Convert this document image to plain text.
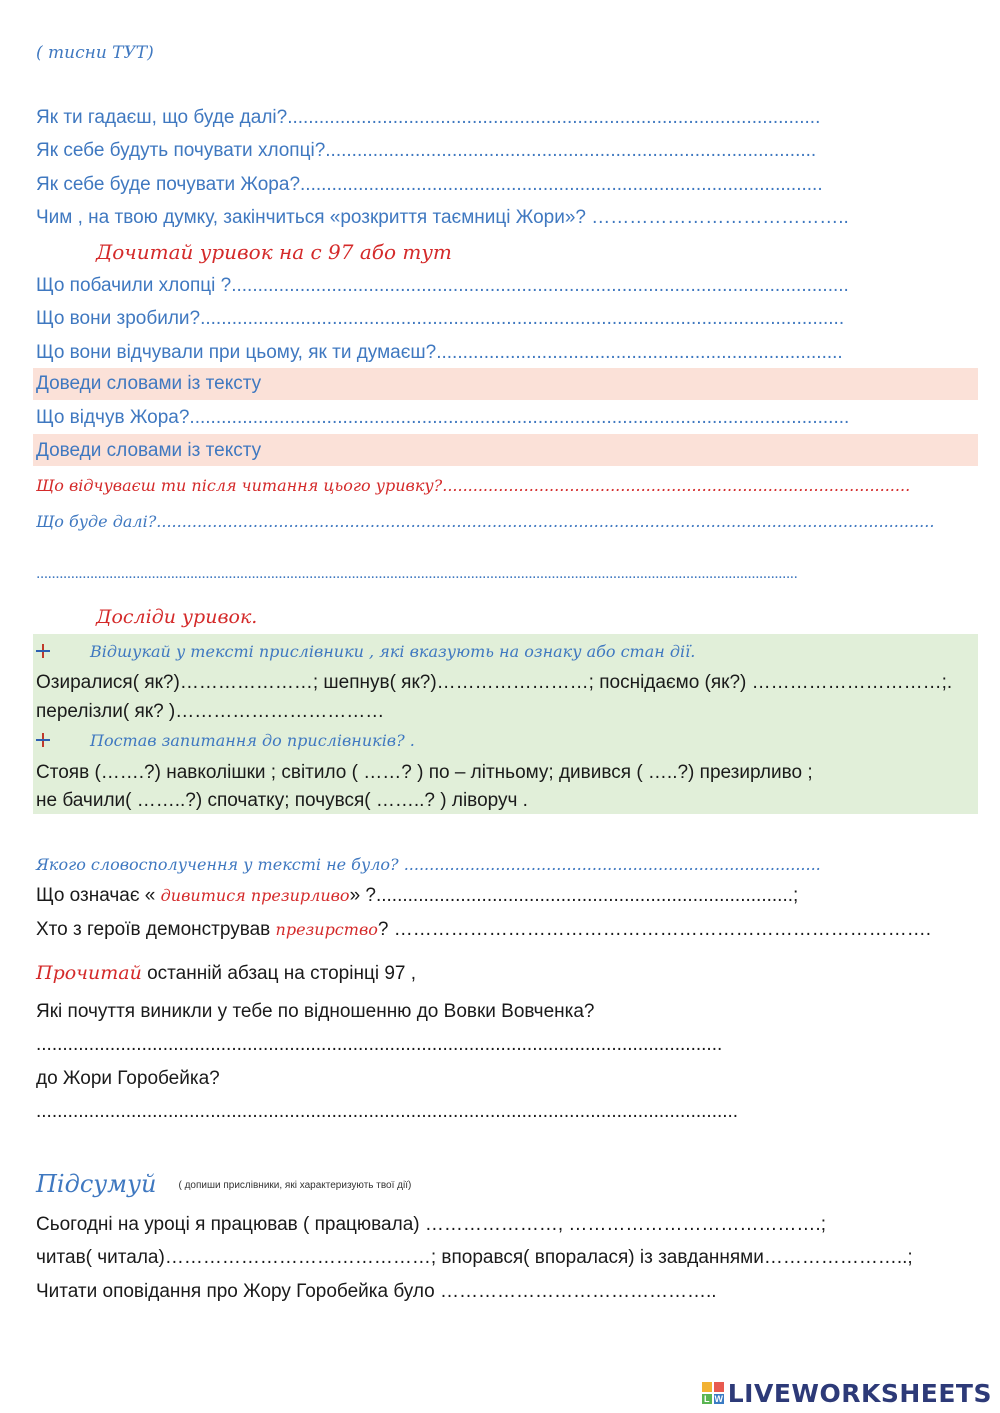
( тисни ТУТ)
Як ти гадаєш, що буде далі?.....................................................................................................
Як себе будуть почувати хлопці?.............................................................................................
Як себе буде почувати Жора?...................................................................................................
Чим , на твою думку, закінчиться «розкриття таємниці Жори»? …………………………………..
Дочитай уривок на с 97 або тут
Що побачили хлопці ?.....................................................................................................................
Що вони зробили?..........................................................................................................................
Що вони відчували при цьому, як ти думаєш?.............................................................................
Доведи словами із тексту
Що відчув Жора?.............................................................................................................................
Доведи словами із тексту
Що відчуваєш ти після читання цього уривку?............................................................................................
Що буде далі?.........................................................................................................................................................
......................................................................................................................................................................................................
Досліди уривок.
Відшукай у тексті прислівники , які вказують на ознаку або стан дії.
Озиралися( як?)…………………; шепнув( як?)……………………; поснідаємо (як?) …………………………;.
перелізли( як? )……………………………
Постав запитання до прислівників? .
Стояв (…….?) навколішки ; світило ( ……? ) по – літньому; дивився ( …..?) презирливо ;
не бачили( ……..?) спочатку; почувся( ……..? ) ліворуч .
Якого словосполучення у тексті не було? ..................................................................................
Що означає « дивитися презирливо» ?...............................................................................;
Хто з героїв демонстрував презирство? ………………………………………………………………………….
Прочитай останній абзац на сторінці 97 ,
Які почуття виникли у тебе по відношенню до Вовки Вовченка?
..................................................................................................................................
до Жори Горобейка?
.....................................................................................................................................
Підсумуй ( допиши прислівники, які характеризують твої дії)
Сьогодні на уроці я працював ( працювала) …………………, ………………………………….;
читав( читала)……………………………………; впорався( впоралася) із завданнями…………………..;
Читати оповідання про Жору Горобейка було ……………………………………..
L W LIVEWORKSHEETS
